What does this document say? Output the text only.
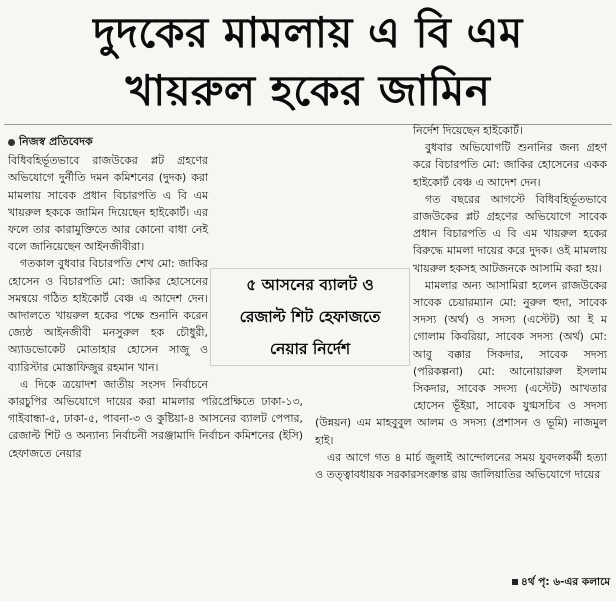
দুদকের মামলায় এ বি এম
খায়রুল হকের জামিন
নিজস্ব প্রতিবেদক

বিধিবহির্ভূতভাবে রাজউকের প্লট গ্রহণের অভিযোগে দুর্নীতি দমন কমিশনের (দুদক) করা মামলায় সাবেক প্রধান বিচারপতি এ বি এম খায়রুল হককে জামিন দিয়েছেন হাইকোর্ট। এর ফলে তার কারামুক্তিতে আর কোনো বাধা নেই বলে জানিয়েছেন আইনজীবীরা।

গতকাল বুধবার বিচারপতি শেখ মো: জাকির হোসেন ও বিচারপতি মো: জাকির হোসেনের সমন্বয়ে গঠিত হাইকোর্ট বেঞ্চ এ আদেশ দেন। আদালতে খায়রুল হকের পক্ষে শুনানি করেন জ্যেষ্ঠ আইনজীবী মনসুরুল হক চৌধুরী, অ্যাডভোকেট মোতাহার হোসেন সাজু ও ব্যারিস্টার মোস্তাফিজুর রহমান খান।

এ দিকে ত্রয়োদশ জাতীয় সংসদ নির্বাচনে কারচুপির অভিযোগে দায়ের করা মামলার পরিপ্রেক্ষিতে ঢাকা-১৩, গাইবান্ধা-৫, ঢাকা-৫, পাবনা-৩ ও কুষ্টিয়া-৪ আসনের ব্যালট পেপার, রেজাল্ট শিট ও অন্যান্য নির্বাচনী সরঞ্জামাদি নির্বাচন কমিশনের (ইসি) হেফাজতে নেয়ার

নির্দেশ দিয়েছেন হাইকোর্ট।

বুধবার অভিযোগটি শুনানির জন্য গ্রহণ করে বিচারপতি মো: জাকির হোসেনের একক হাইকোর্ট বেঞ্চ এ আদেশ দেন।

গত বছরের আগস্টে বিধিবহির্ভূতভাবে রাজউকের প্লট গ্রহণের অভিযোগে সাবেক প্রধান বিচারপতি এ বি এম খায়রুল হকের বিরুদ্ধে মামলা দায়ের করে দুদক। ওই মামলায় খায়রুল হকসহ আটজনকে আসামি করা হয়।

মামলার অন্য আসামিরা হলেন রাজউকের সাবেক চেয়ারম্যান মো: নুরুল হুদা, সাবেক সদস্য (অর্থ) ও সদস্য (এস্টেট) আ ই ম গোলাম কিবরিয়া, সাবেক সদস্য (অর্থ) মো: আবু বক্কার সিকদার, সাবেক সদস্য (পরিকল্পনা) মো: আনোয়ারুল ইসলাম সিকদার, সাবেক সদস্য (এস্টেট) আখতার হোসেন ভূঁইয়া, সাবেক যুগ্মসচিব ও সদস্য (উন্নয়ন) এম মাহবুবুল আলম ও সদস্য (প্রশাসন ও ভূমি) নাজমুল হাই।

এর আগে গত ৪ মার্চ জুলাই আন্দোলনের সময় যুবদলকর্মী হত্যা ও তত্ত্বাবধায়ক সরকারসংক্রান্ত রায় জালিয়াতির অভিযোগে দায়ের

৫ আসনের ব্যালট ও
রেজাল্ট শিট হেফাজতে
নেয়ার নির্দেশ
৪র্থ পৃ: ৬-এর কলামে
